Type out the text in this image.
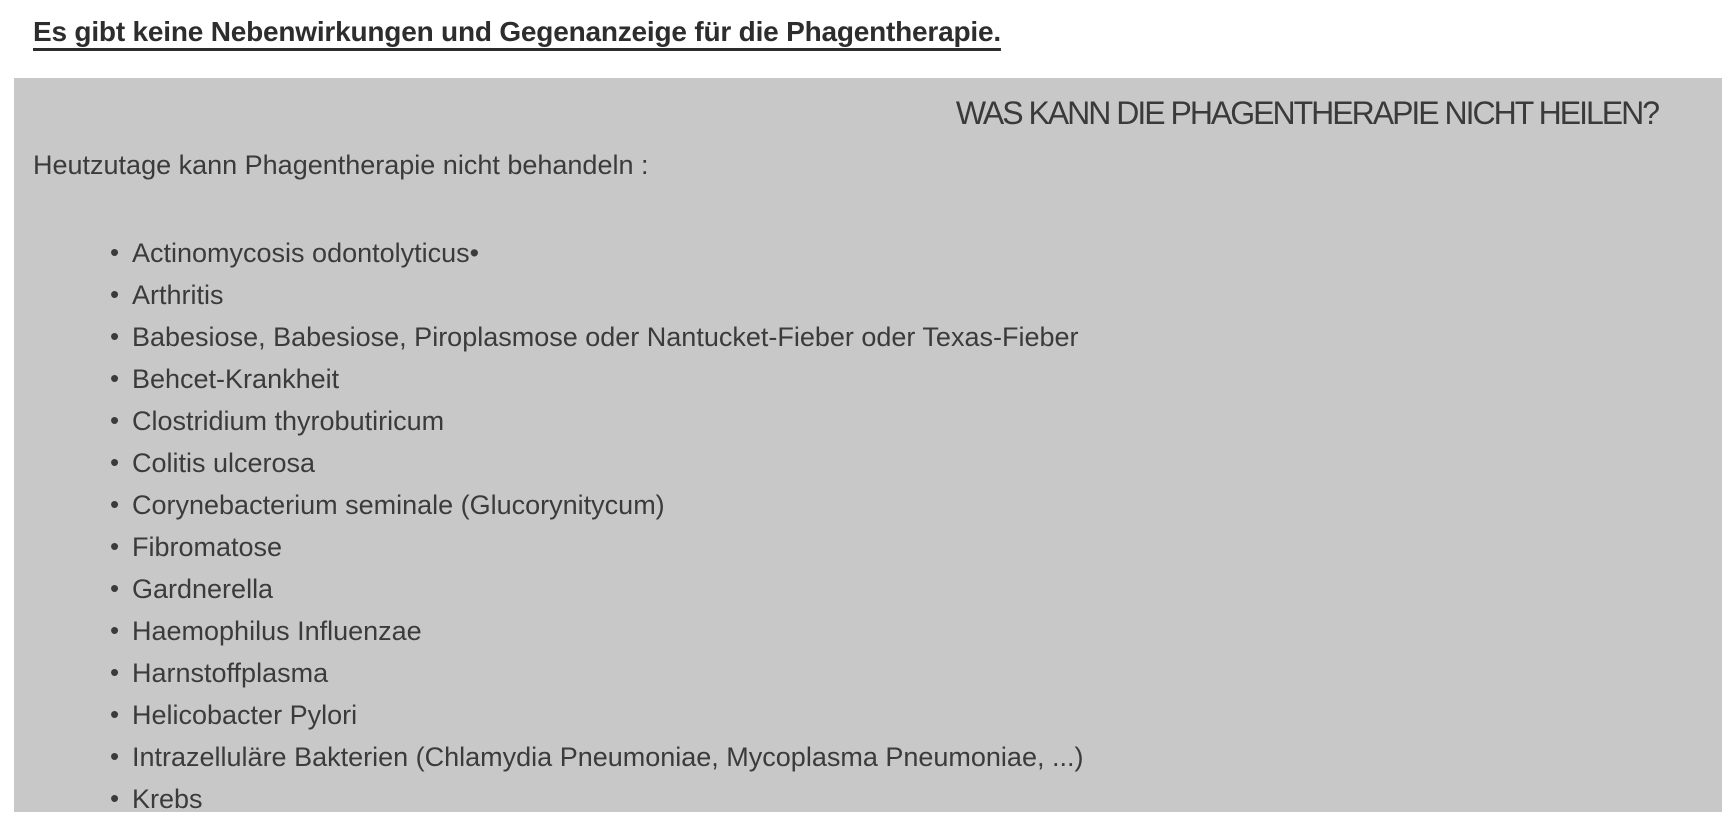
Es gibt keine Nebenwirkungen und Gegenanzeige für die Phagentherapie.
WAS KANN DIE PHAGENTHERAPIE NICHT HEILEN?

Heutzutage kann Phagentherapie nicht behandeln :

• Actinomycosis odontolyticus•
• Arthritis
• Babesiose, Babesiose, Piroplasmose oder Nantucket-Fieber oder Texas-Fieber
• Behcet-Krankheit
• Clostridium thyrobutiricum
• Colitis ulcerosa
• Corynebacterium seminale (Glucorynitycum)
• Fibromatose
• Gardnerella
• Haemophilus Influenzae
• Harnstoffplasma
• Helicobacter Pylori
• Intrazelluläre Bakterien (Chlamydia Pneumoniae, Mycoplasma Pneumoniae, ...)
• Krebs
